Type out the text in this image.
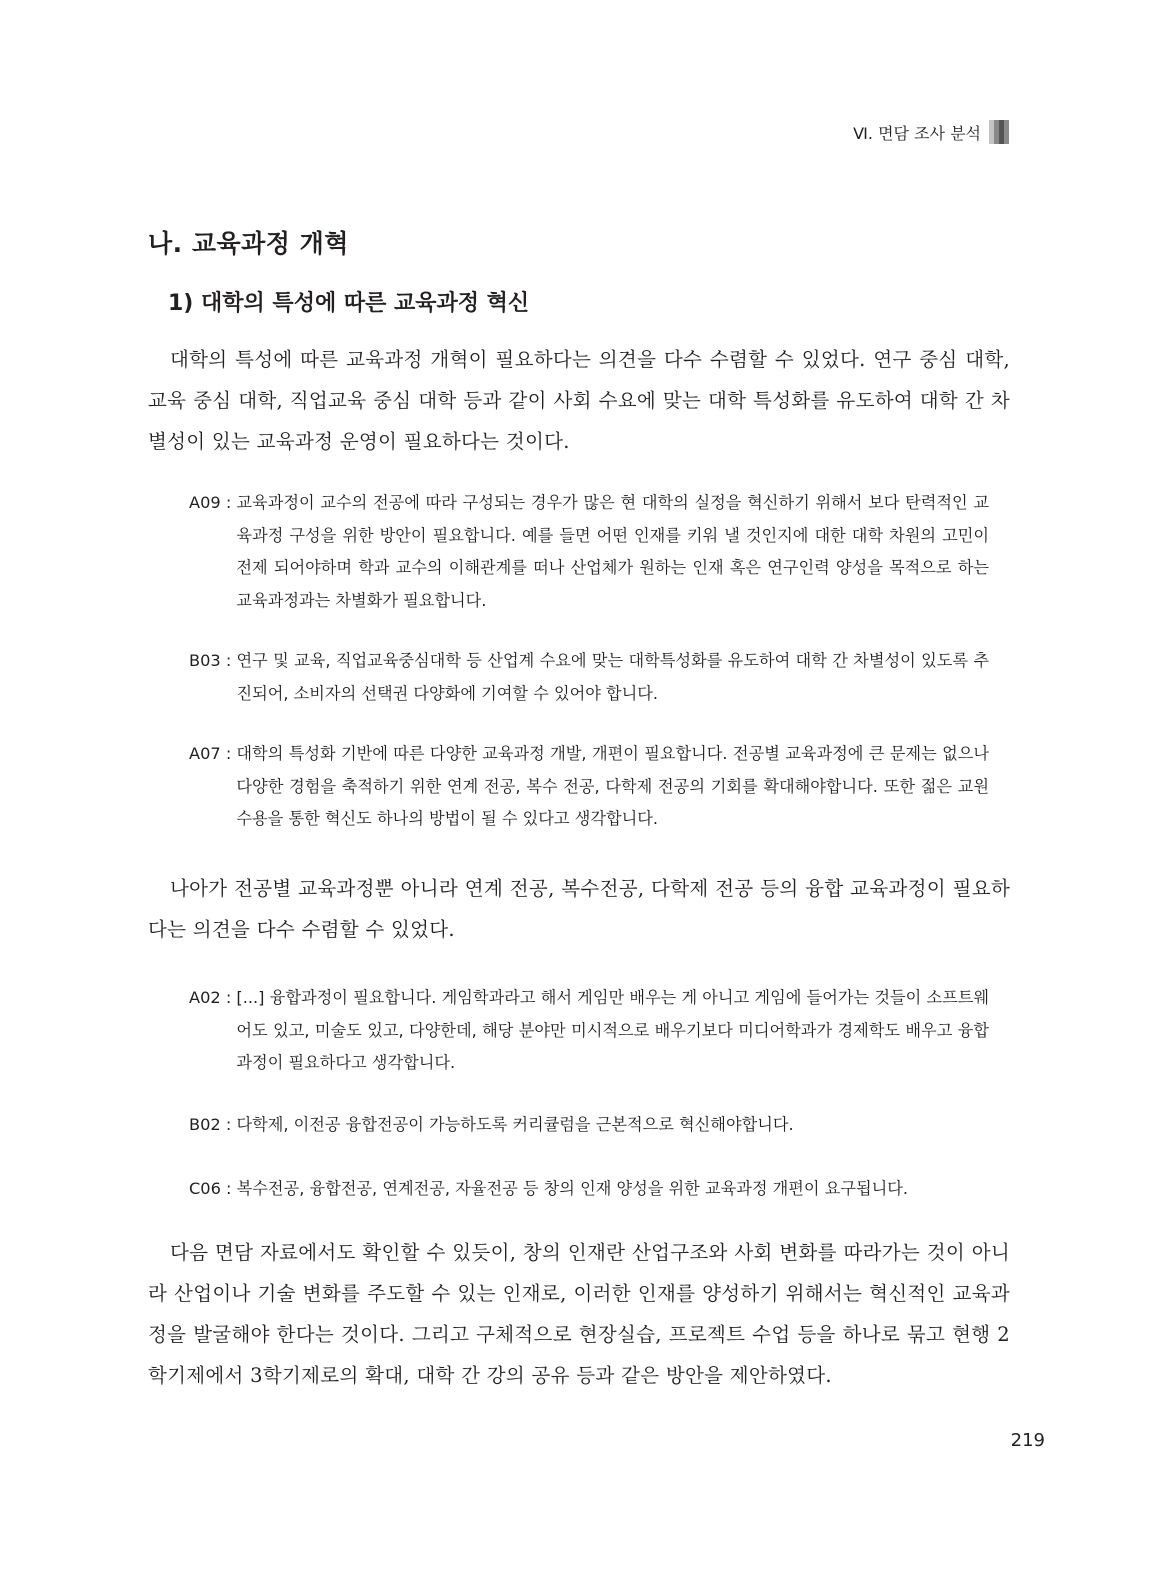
Ⅵ. 면담 조사 분석
나. 교육과정 개혁
1) 대학의 특성에 따른 교육과정 혁신

대학의 특성에 따른 교육과정 개혁이 필요하다는 의견을 다수 수렴할 수 있었다. 연구 중심 대학, 교육 중심 대학, 직업교육 중심 대학 등과 같이 사회 수요에 맞는 대학 특성화를 유도하여 대학 간 차별성이 있는 교육과정 운영이 필요하다는 것이다.

A09 : 교육과정이 교수의 전공에 따라 구성되는 경우가 많은 현 대학의 실정을 혁신하기 위해서 보다 탄력적인 교육과정 구성을 위한 방안이 필요합니다. 예를 들면 어떤 인재를 키워 낼 것인지에 대한 대학 차원의 고민이 전제 되어야하며 학과 교수의 이해관계를 떠나 산업체가 원하는 인재 혹은 연구인력 양성을 목적으로 하는 교육과정과는 차별화가 필요합니다.
B03 : 연구 및 교육, 직업교육중심대학 등 산업계 수요에 맞는 대학특성화를 유도하여 대학 간 차별성이 있도록 추진되어, 소비자의 선택권 다양화에 기여할 수 있어야 합니다.
A07 : 대학의 특성화 기반에 따른 다양한 교육과정 개발, 개편이 필요합니다. 전공별 교육과정에 큰 문제는 없으나 다양한 경험을 축적하기 위한 연계 전공, 복수 전공, 다학제 전공의 기회를 확대해야합니다. 또한 젊은 교원 수용을 통한 혁신도 하나의 방법이 될 수 있다고 생각합니다.

나아가 전공별 교육과정뿐 아니라 연계 전공, 복수전공, 다학제 전공 등의 융합 교육과정이 필요하다는 의견을 다수 수렴할 수 있었다.

A02 : [...] 융합과정이 필요합니다. 게임학과라고 해서 게임만 배우는 게 아니고 게임에 들어가는 것들이 소프트웨어도 있고, 미술도 있고, 다양한데, 해당 분야만 미시적으로 배우기보다 미디어학과가 경제학도 배우고 융합과정이 필요하다고 생각합니다.
B02 : 다학제, 이전공 융합전공이 가능하도록 커리큘럼을 근본적으로 혁신해야합니다.
C06 : 복수전공, 융합전공, 연계전공, 자율전공 등 창의 인재 양성을 위한 교육과정 개편이 요구됩니다.

다음 면담 자료에서도 확인할 수 있듯이, 창의 인재란 산업구조와 사회 변화를 따라가는 것이 아니라 산업이나 기술 변화를 주도할 수 있는 인재로, 이러한 인재를 양성하기 위해서는 혁신적인 교육과정을 발굴해야 한다는 것이다. 그리고 구체적으로 현장실습, 프로젝트 수업 등을 하나로 묶고 현행 2학기제에서 3학기제로의 확대, 대학 간 강의 공유 등과 같은 방안을 제안하였다.

219
